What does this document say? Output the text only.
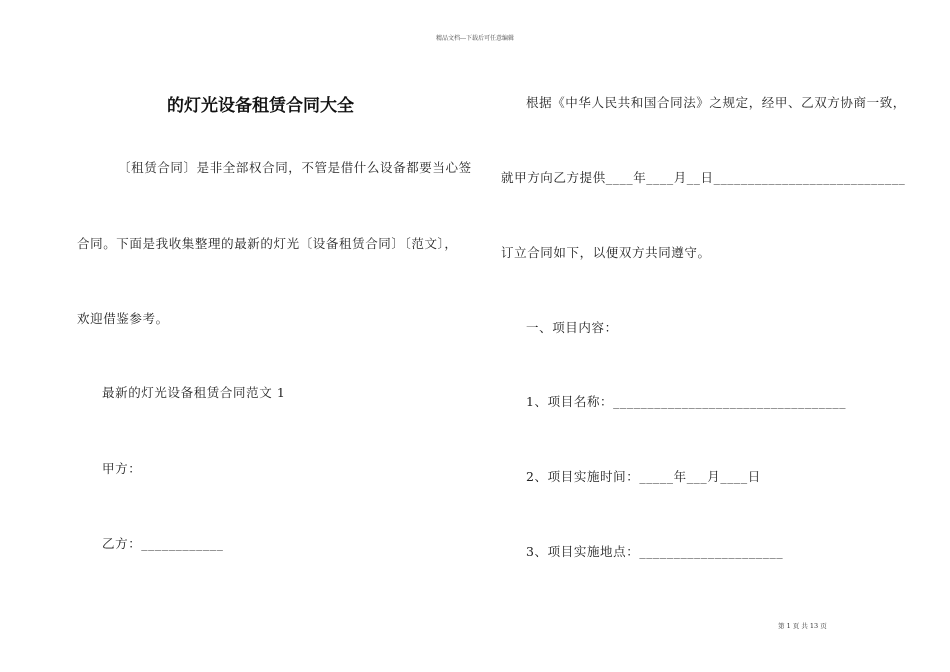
精品文档---下载后可任意编辑
的灯光设备租赁合同大全
〔租赁合同〕是非全部权合同，不管是借什么设备都要当心签
合同。下面是我收集整理的最新的灯光〔设备租赁合同〕〔范文〕，
欢迎借鉴参考。
最新的灯光设备租赁合同范文 1
甲方：
乙方：____________
根据《中华人民共和国合同法》之规定，经甲、乙双方协商一致，
就甲方向乙方提供____年____月__日____________________________
订立合同如下，以便双方共同遵守。
一、项目内容：
1、项目名称：__________________________________
2、项目实施时间：_____年___月____日
3、项目实施地点：_____________________
第 1 页 共 13 页
